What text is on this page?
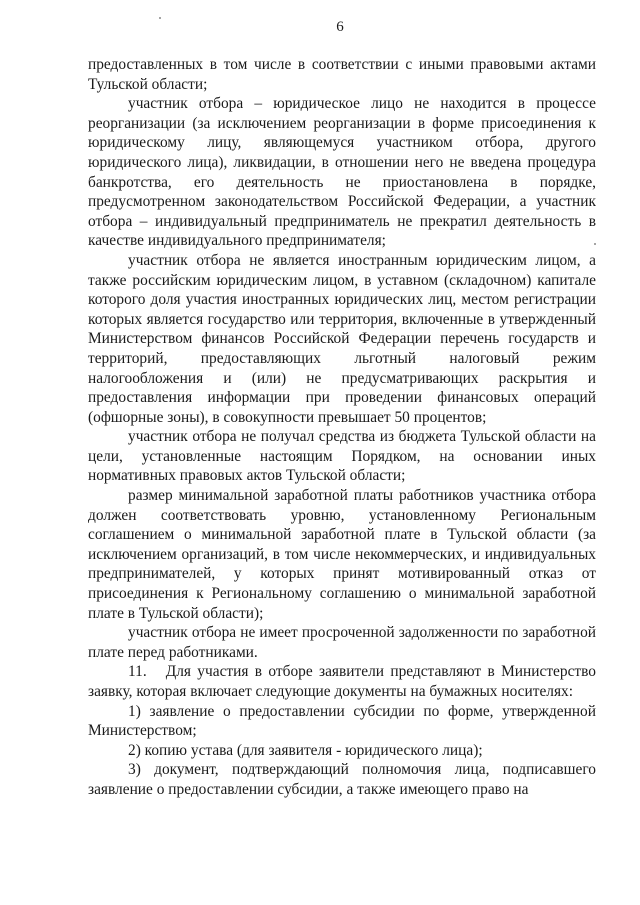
6

предоставленных в том числе в соответствии с иными правовыми актами Тульской области;

участник отбора – юридическое лицо не находится в процессе реорганизации (за исключением реорганизации в форме присоединения к юридическому лицу, являющемуся участником отбора, другого юридического лица), ликвидации, в отношении него не введена процедура банкротства, его деятельность не приостановлена в порядке, предусмотренном законодательством Российской Федерации, а участник отбора – индивидуальный предприниматель не прекратил деятельность в качестве индивидуального предпринимателя;

участник отбора не является иностранным юридическим лицом, а также российским юридическим лицом, в уставном (складочном) капитале которого доля участия иностранных юридических лиц, местом регистрации которых является государство или территория, включенные в утвержденный Министерством финансов Российской Федерации перечень государств и территорий, предоставляющих льготный налоговый режим налогообложения и (или) не предусматривающих раскрытия и предоставления информации при проведении финансовых операций (офшорные зоны), в совокупности превышает 50 процентов;

участник отбора не получал средства из бюджета Тульской области на цели, установленные настоящим Порядком, на основании иных нормативных правовых актов Тульской области;

размер минимальной заработной платы работников участника отбора должен соответствовать уровню, установленному Региональным соглашением о минимальной заработной плате в Тульской области (за исключением организаций, в том числе некоммерческих, и индивидуальных предпринимателей, у которых принят мотивированный отказ от присоединения к Региональному соглашению о минимальной заработной плате в Тульской области);

участник отбора не имеет просроченной задолженности по заработной плате перед работниками.

11.   Для участия в отборе заявители представляют в Министерство заявку, которая включает следующие документы на бумажных носителях:

1) заявление о предоставлении субсидии по форме, утвержденной Министерством;

2) копию устава (для заявителя - юридического лица);

3) документ, подтверждающий полномочия лица, подписавшего заявление о предоставлении субсидии, а также имеющего право на
